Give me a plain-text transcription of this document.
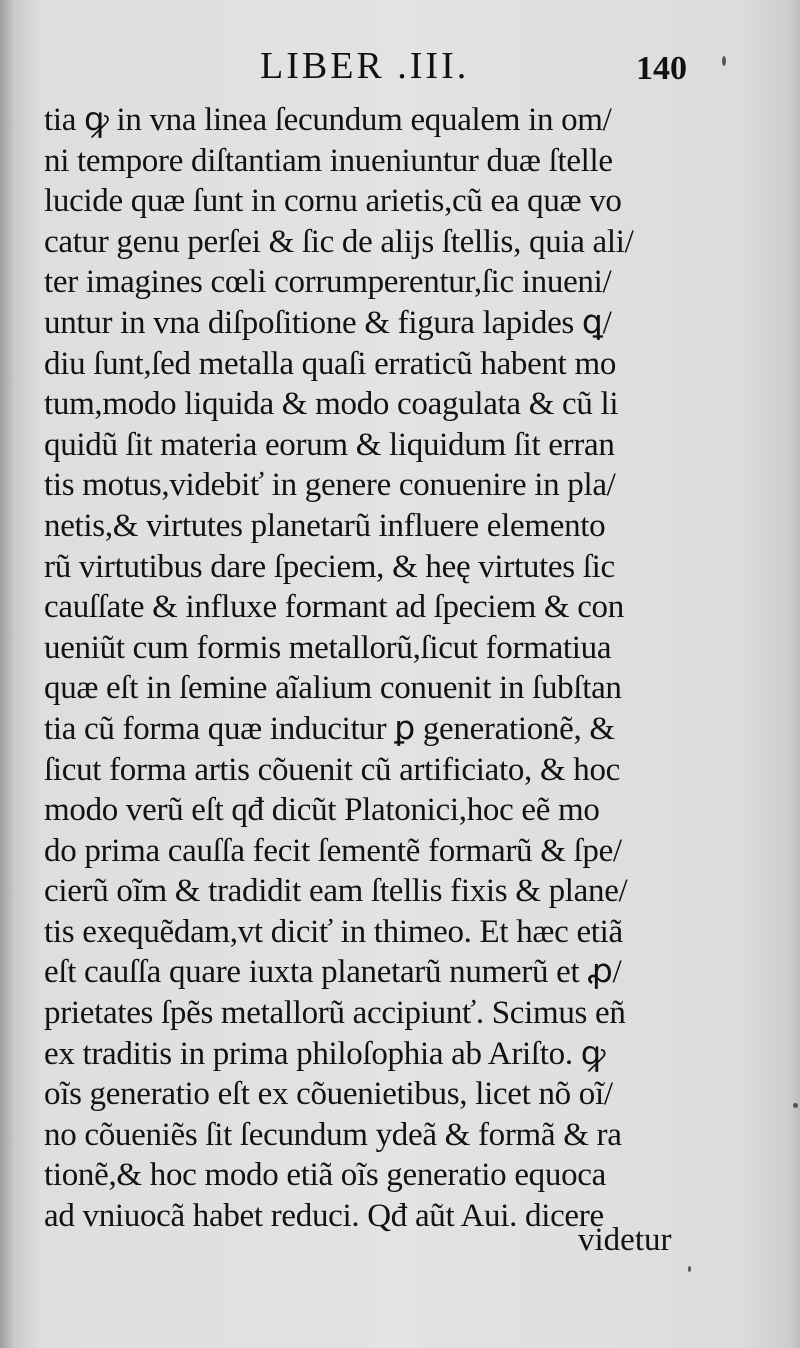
LIBER .III.	140
tia ꝙ in vna linea ſecundum equalem in om/
ni tempore diſtantiam inueniuntur duæ ſtelle
lucide quæ ſunt in cornu arietis,cũ ea quæ vo
catur genu perſei & ſic de alijs ſtellis, quia ali/
ter imagines cœli corrumperentur,ſic inueni/
untur in vna diſpoſitione & figura lapides ꝗ/
diu ſunt,ſed metalla quaſi erraticũ habent mo
tum,modo liquida & modo coagulata & cũ li
quidũ ſit materia eorum & liquidum ſit erran
tis motus,videbiť in genere conuenire in pla/
netis,& virtutes planetarũ influere elemento
rũ virtutibus dare ſpeciem, & heę virtutes ſic
cauſſate & influxe formant ad ſpeciem & con
ueniũt cum formis metallorũ,ſicut formatiua
quæ eſt in ſemine aĩalium conuenit in ſubſtan
tia cũ forma quæ inducitur ꝑ generationẽ, &
ſicut forma artis cõuenit cũ artificiato, & hoc
modo verũ eſt qđ dicũt Platonici,hoc eẽ mo
do prima cauſſa fecit ſementẽ formarũ & ſpe/
cierũ oĩm & tradidit eam ſtellis fixis & plane/
tis exequẽdam,vt diciť in thimeo. Et hæc etiã
eſt cauſſa quare iuxta planetarũ numerũ et ꝓ/
prietates ſpẽs metallorũ accipiunť. Scimus eñ
ex traditis in prima philoſophia ab Ariſto. ꝙ
oĩs generatio eſt ex cõuenietibus, licet nõ oĩ/
no cõueniẽs ſit ſecundum ydeã & formã & ra
tionẽ,& hoc modo etiã oĩs generatio equoca
ad vniuocã habet reduci. Qđ aũt Aui. dicere
videtur
